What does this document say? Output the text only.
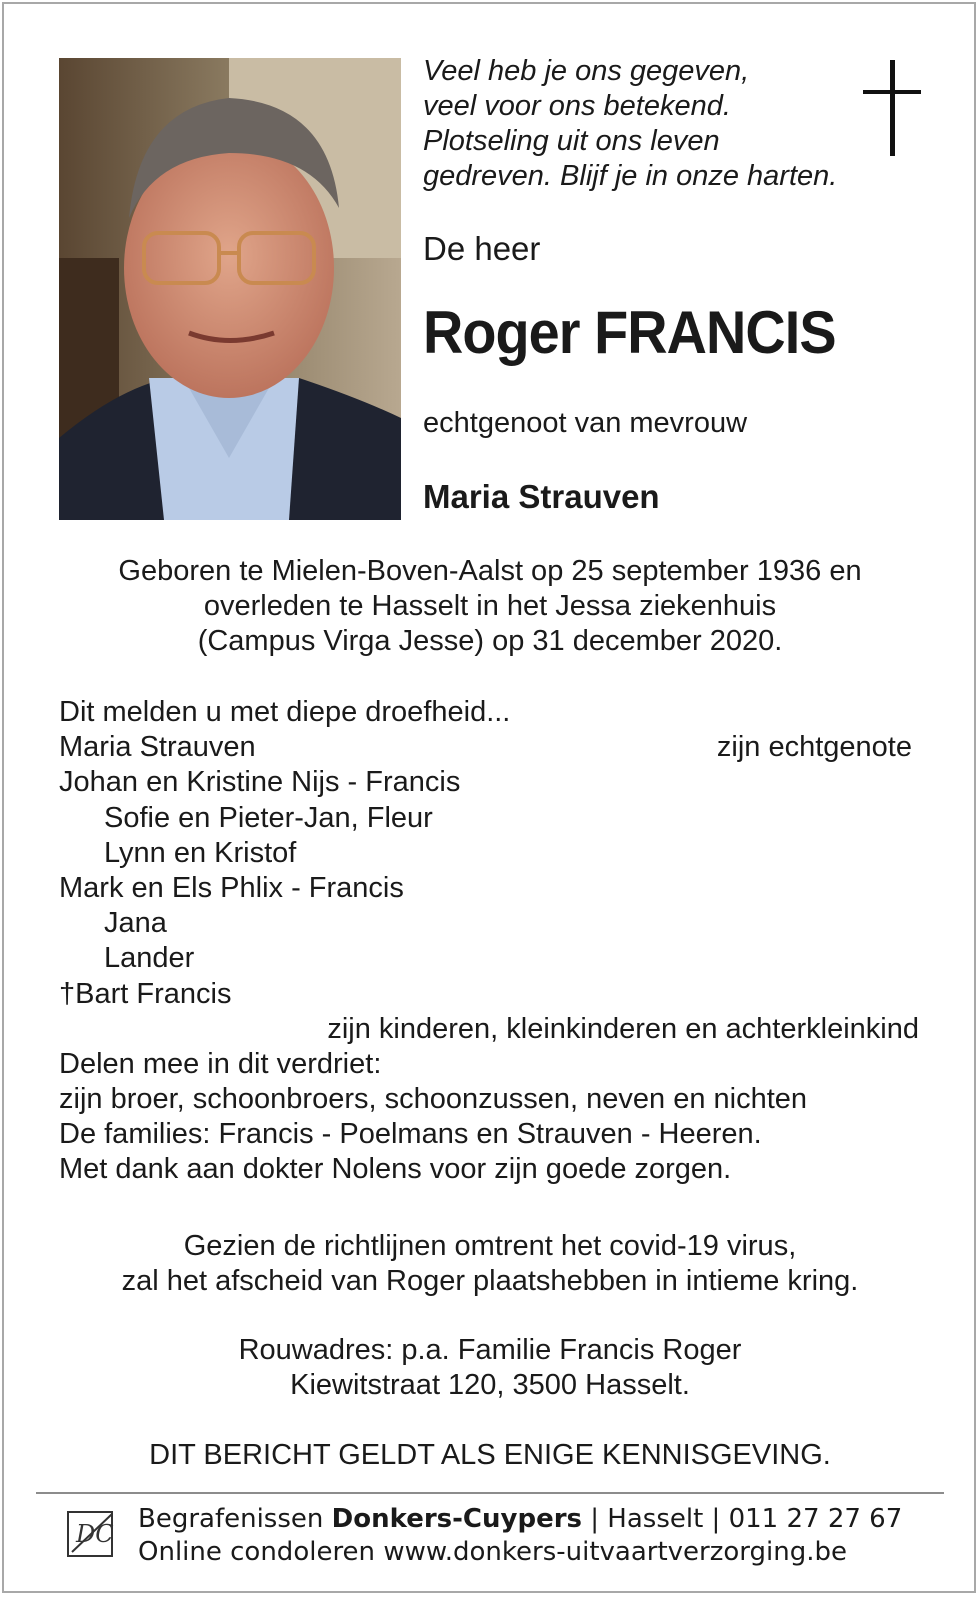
Veel heb je ons gegeven,
veel voor ons betekend.
Plotseling uit ons leven
gedreven. Blijf je in onze harten.
De heer
Roger FRANCIS
echtgenoot van mevrouw
Maria Strauven
Geboren te Mielen-Boven-Aalst op 25 september 1936 en
overleden te Hasselt in het Jessa ziekenhuis
(Campus Virga Jesse) op 31 december 2020.
Dit melden u met diepe droefheid...
Maria Strauven	zijn echtgenote
Johan en Kristine Nijs - Francis
Sofie en Pieter-Jan, Fleur
Lynn en Kristof
Mark en Els Phlix - Francis
Jana
Lander
†Bart Francis
zijn kinderen, kleinkinderen en achterkleinkind
Delen mee in dit verdriet:
zijn broer, schoonbroers, schoonzussen, neven en nichten
De families: Francis - Poelmans en Strauven - Heeren.
Met dank aan dokter Nolens voor zijn goede zorgen.
Gezien de richtlijnen omtrent het covid-19 virus,
zal het afscheid van Roger plaatshebben in intieme kring.
Rouwadres: p.a. Familie Francis Roger
Kiewitstraat 120, 3500 Hasselt.
DIT BERICHT GELDT ALS ENIGE KENNISGEVING.
DC Begrafenissen Donkers-Cuypers | Hasselt | 011 27 27 67
Online condoleren www.donkers-uitvaartverzorging.be
